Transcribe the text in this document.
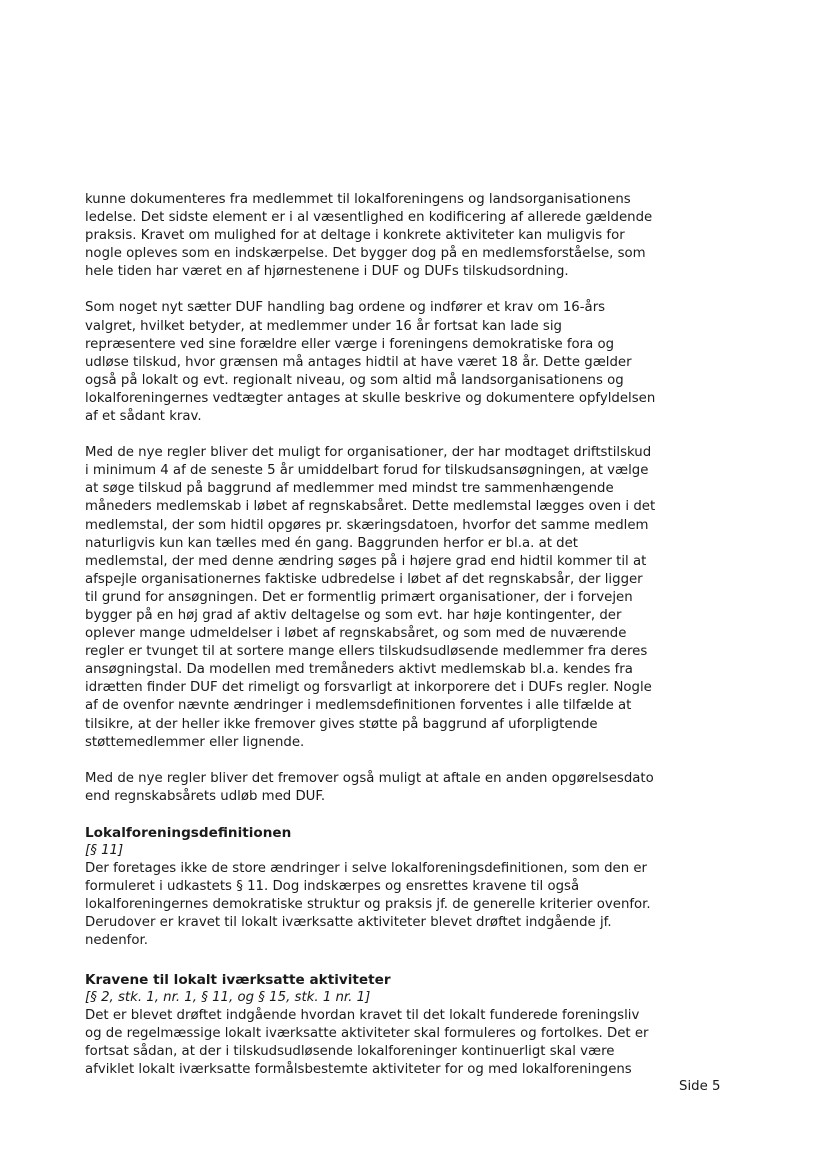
kunne dokumenteres fra medlemmet til lokalforeningens og landsorganisationens
ledelse. Det sidste element er i al væsentlighed en kodificering af allerede gældende
praksis. Kravet om mulighed for at deltage i konkrete aktiviteter kan muligvis for
nogle opleves som en indskærpelse. Det bygger dog på en medlemsforståelse, som
hele tiden har været en af hjørnestenene i DUF og DUFs tilskudsordning.

Som noget nyt sætter DUF handling bag ordene og indfører et krav om 16-års
valgret, hvilket betyder, at medlemmer under 16 år fortsat kan lade sig
repræsentere ved sine forældre eller værge i foreningens demokratiske fora og
udløse tilskud, hvor grænsen må antages hidtil at have været 18 år. Dette gælder
også på lokalt og evt. regionalt niveau, og som altid må landsorganisationens og
lokalforeningernes vedtægter antages at skulle beskrive og dokumentere opfyldelsen
af et sådant krav.

Med de nye regler bliver det muligt for organisationer, der har modtaget driftstilskud
i minimum 4 af de seneste 5 år umiddelbart forud for tilskudsansøgningen, at vælge
at søge tilskud på baggrund af medlemmer med mindst tre sammenhængende
måneders medlemskab i løbet af regnskabsåret. Dette medlemstal lægges oven i det
medlemstal, der som hidtil opgøres pr. skæringsdatoen, hvorfor det samme medlem
naturligvis kun kan tælles med én gang. Baggrunden herfor er bl.a. at det
medlemstal, der med denne ændring søges på i højere grad end hidtil kommer til at
afspejle organisationernes faktiske udbredelse i løbet af det regnskabsår, der ligger
til grund for ansøgningen. Det er formentlig primært organisationer, der i forvejen
bygger på en høj grad af aktiv deltagelse og som evt. har høje kontingenter, der
oplever mange udmeldelser i løbet af regnskabsåret, og som med de nuværende
regler er tvunget til at sortere mange ellers tilskudsudløsende medlemmer fra deres
ansøgningstal. Da modellen med tremåneders aktivt medlemskab bl.a. kendes fra
idrætten finder DUF det rimeligt og forsvarligt at inkorporere det i DUFs regler. Nogle
af de ovenfor nævnte ændringer i medlemsdefinitionen forventes i alle tilfælde at
tilsikre, at der heller ikke fremover gives støtte på baggrund af uforpligtende
støttemedlemmer eller lignende.

Med de nye regler bliver det fremover også muligt at aftale en anden opgørelsesdato
end regnskabsårets udløb med DUF.

Lokalforeningsdefinitionen

[§ 11]

Der foretages ikke de store ændringer i selve lokalforeningsdefinitionen, som den er
formuleret i udkastets § 11. Dog indskærpes og ensrettes kravene til også
lokalforeningernes demokratiske struktur og praksis jf. de generelle kriterier ovenfor.
Derudover er kravet til lokalt iværksatte aktiviteter blevet drøftet indgående jf.
nedenfor.

Kravene til lokalt iværksatte aktiviteter

[§ 2, stk. 1, nr. 1, § 11, og § 15, stk. 1 nr. 1]

Det er blevet drøftet indgående hvordan kravet til det lokalt funderede foreningsliv
og de regelmæssige lokalt iværksatte aktiviteter skal formuleres og fortolkes. Det er
fortsat sådan, at der i tilskudsudløsende lokalforeninger kontinuerligt skal være
afviklet lokalt iværksatte formålsbestemte aktiviteter for og med lokalforeningens

Side 5
